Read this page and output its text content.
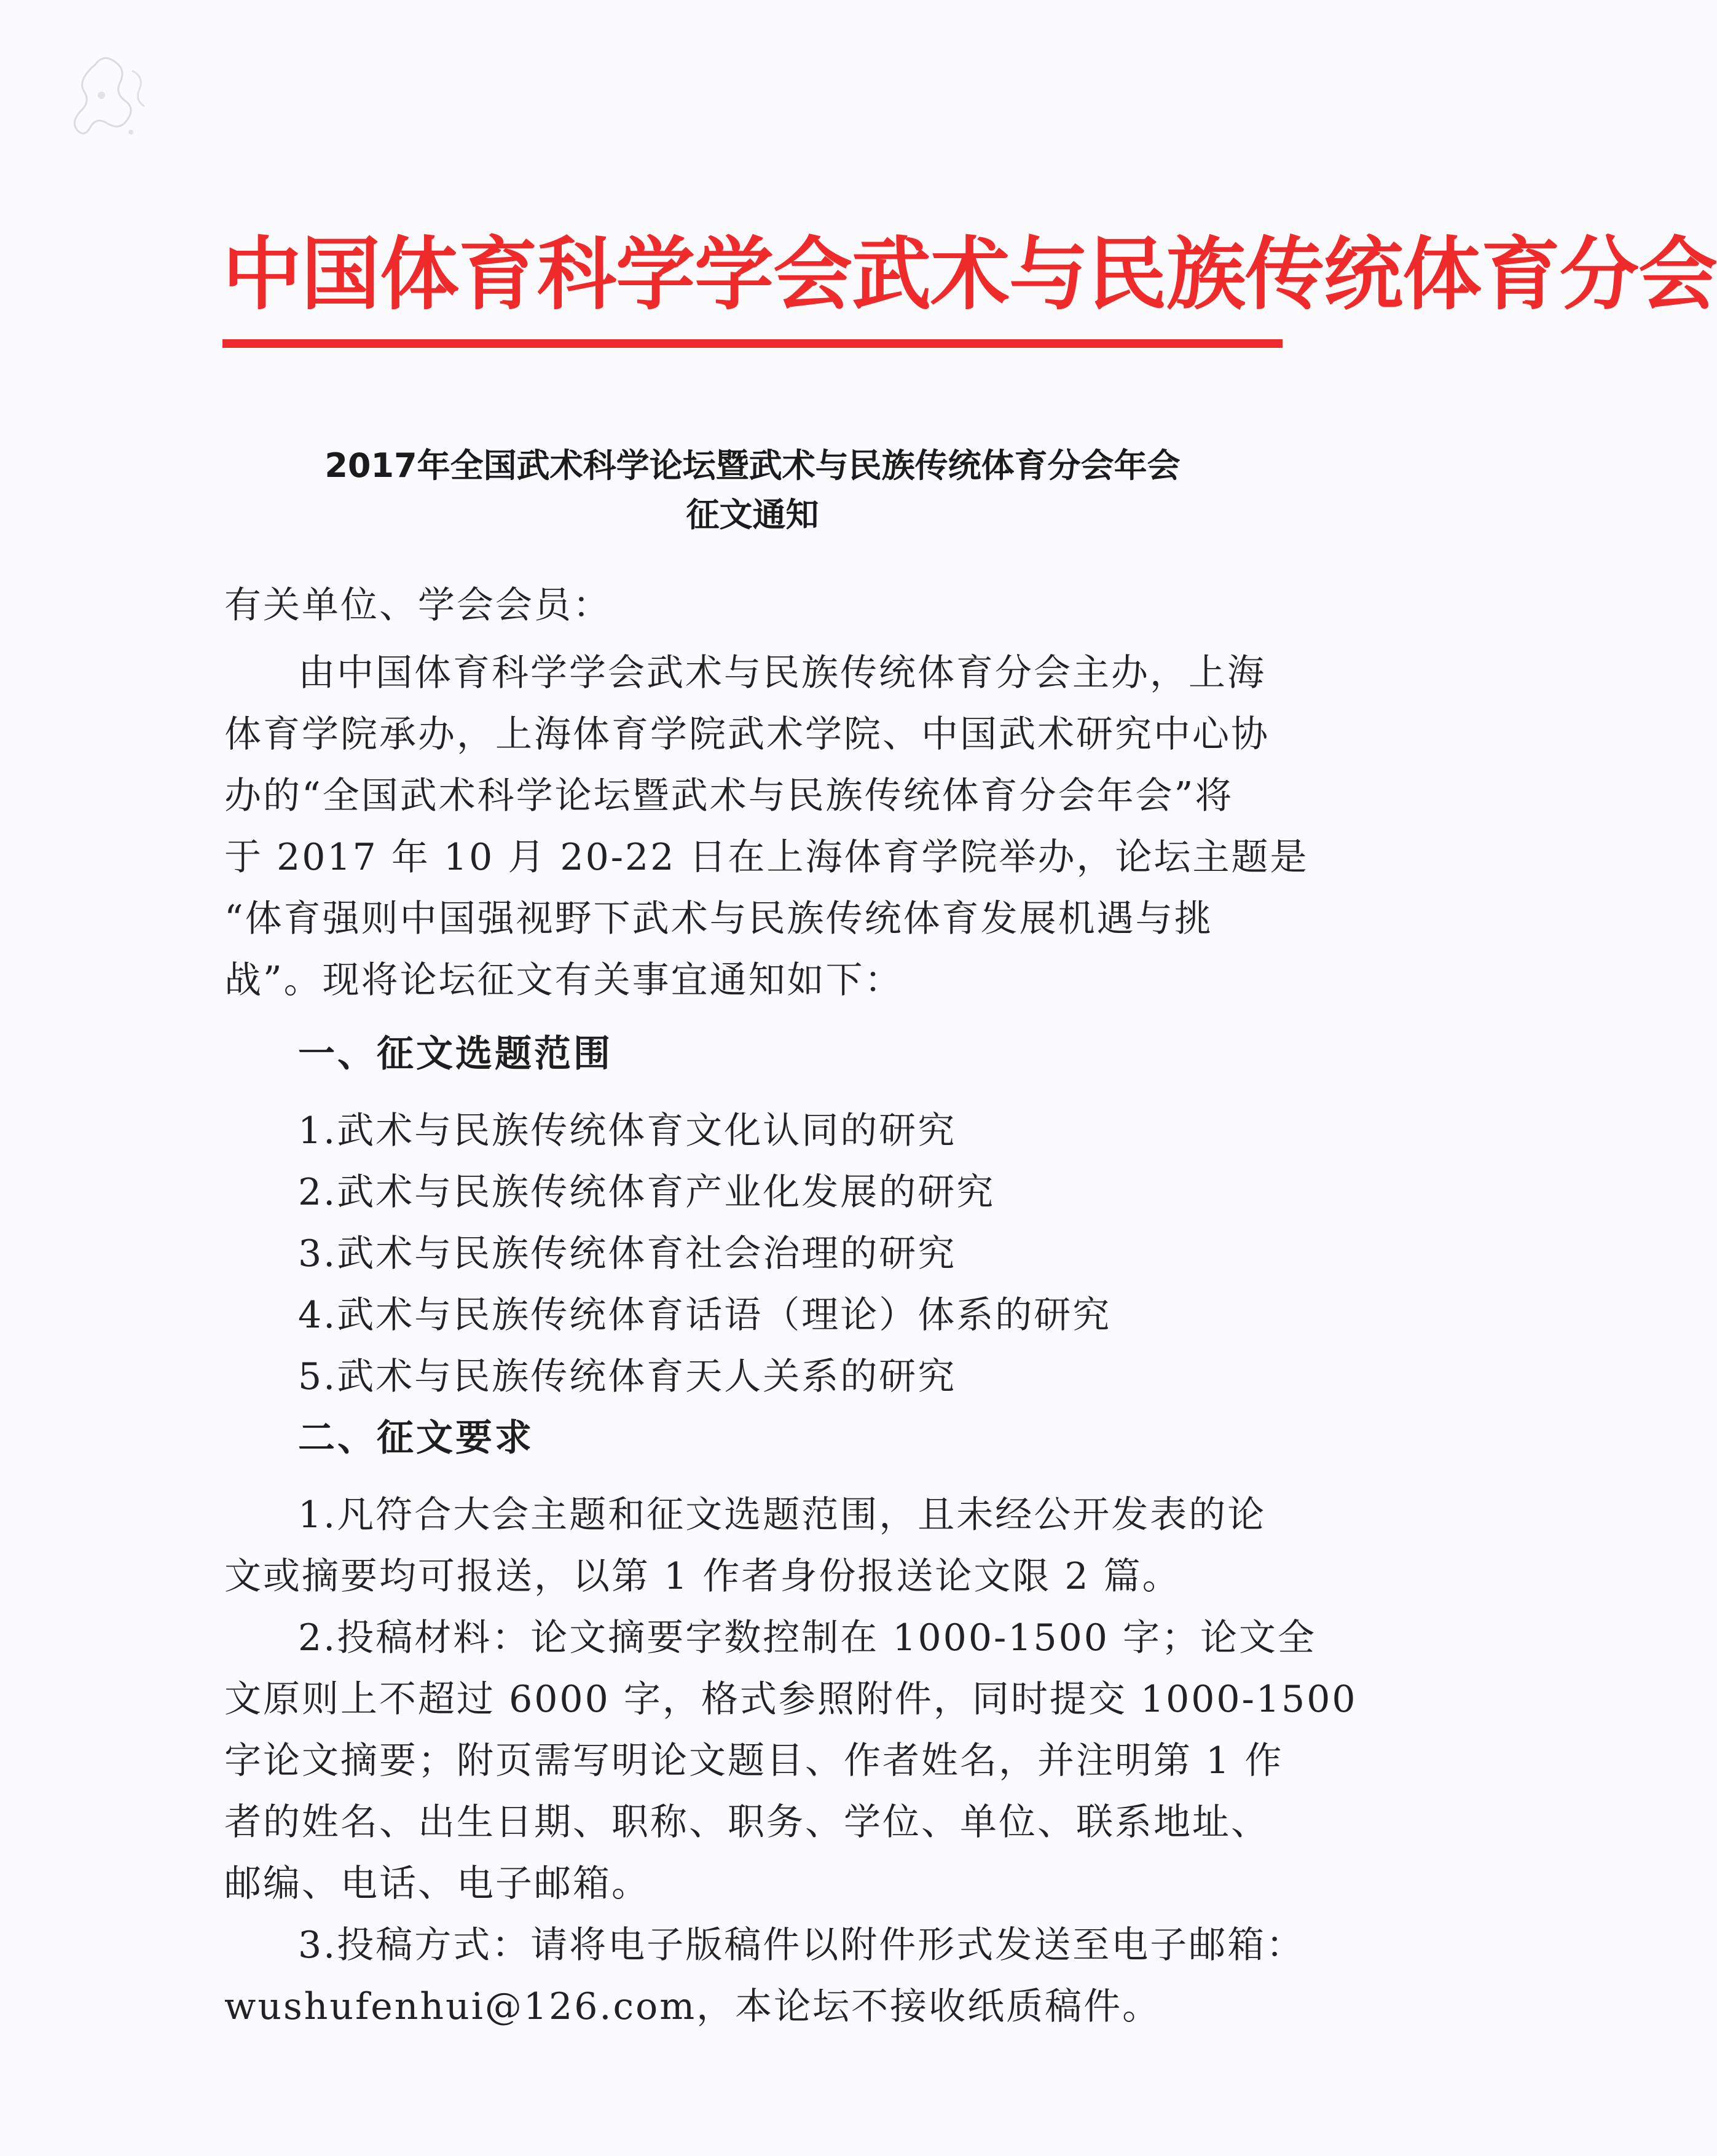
中国体育科学学会武术与民族传统体育分会
2017年全国武术科学论坛暨武术与民族传统体育分会年会
征文通知
有关单位、学会会员：
由中国体育科学学会武术与民族传统体育分会主办，上海
体育学院承办，上海体育学院武术学院、中国武术研究中心协
办的“全国武术科学论坛暨武术与民族传统体育分会年会”将
于 2017 年 10 月 20-22 日在上海体育学院举办，论坛主题是
“体育强则中国强视野下武术与民族传统体育发展机遇与挑
战”。现将论坛征文有关事宜通知如下：
一、征文选题范围
1.武术与民族传统体育文化认同的研究
2.武术与民族传统体育产业化发展的研究
3.武术与民族传统体育社会治理的研究
4.武术与民族传统体育话语（理论）体系的研究
5.武术与民族传统体育天人关系的研究
二、征文要求
1.凡符合大会主题和征文选题范围，且未经公开发表的论
文或摘要均可报送，以第 1 作者身份报送论文限 2 篇。
2.投稿材料：论文摘要字数控制在 1000-1500 字；论文全
文原则上不超过 6000 字，格式参照附件，同时提交 1000-1500
字论文摘要；附页需写明论文题目、作者姓名，并注明第 1 作
者的姓名、出生日期、职称、职务、学位、单位、联系地址、
邮编、电话、电子邮箱。
3.投稿方式：请将电子版稿件以附件形式发送至电子邮箱：
wushufenhui@126.com，本论坛不接收纸质稿件。
